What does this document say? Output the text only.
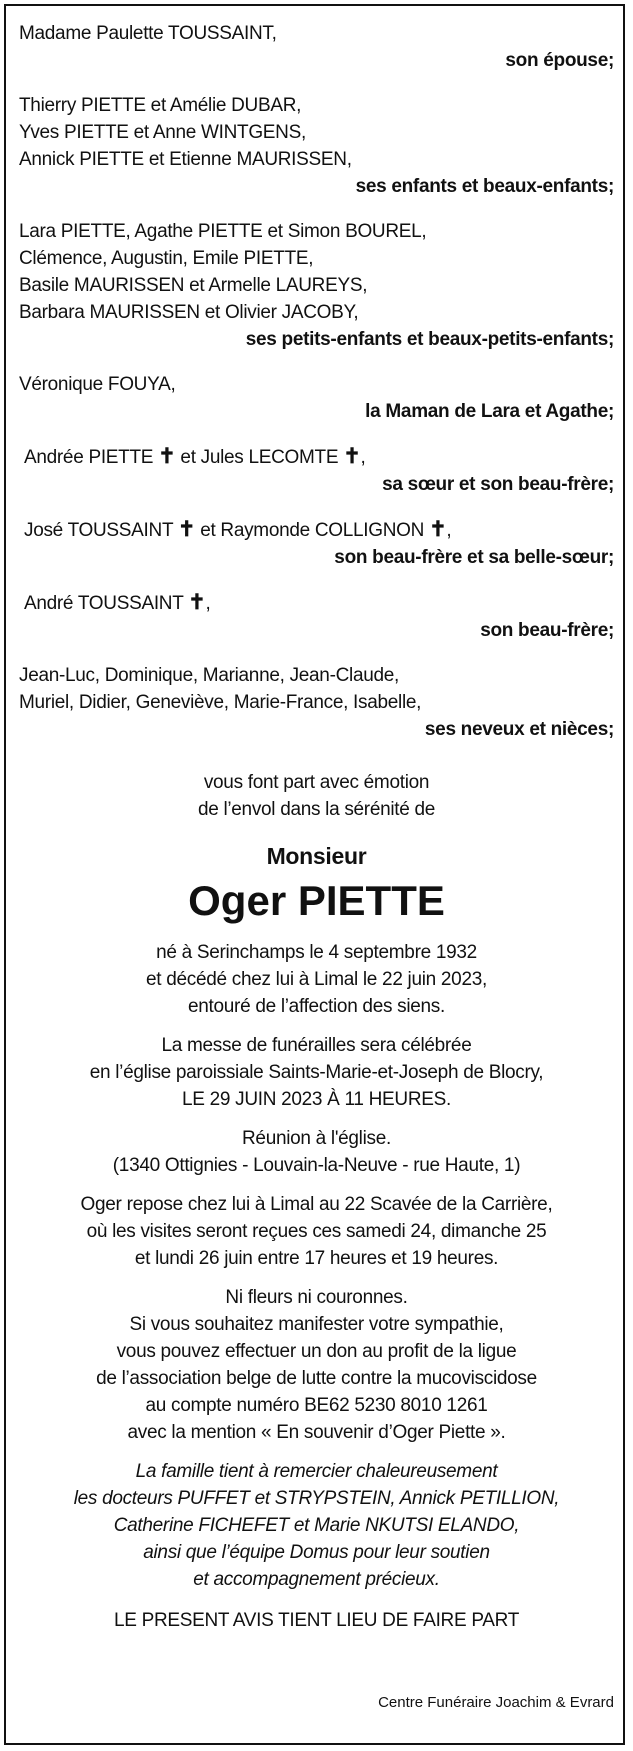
Madame Paulette TOUSSAINT,
son épouse;
Thierry PIETTE et Amélie DUBAR,
Yves PIETTE et Anne WINTGENS,
Annick PIETTE et Etienne MAURISSEN,
ses enfants et beaux-enfants;
Lara PIETTE, Agathe PIETTE et Simon BOUREL,
Clémence, Augustin, Emile PIETTE,
Basile MAURISSEN et Armelle LAUREYS,
Barbara MAURISSEN et Olivier JACOBY,
ses petits-enfants et beaux-petits-enfants;
Véronique FOUYA,
la Maman de Lara et Agathe;
Andrée PIETTE ✝ et Jules LECOMTE ✝,
sa sœur et son beau-frère;
José TOUSSAINT ✝ et Raymonde COLLIGNON ✝,
son beau-frère et sa belle-sœur;
André TOUSSAINT ✝,
son beau-frère;
Jean-Luc, Dominique, Marianne, Jean-Claude,
Muriel, Didier, Geneviève, Marie-France, Isabelle,
ses neveux et nièces;
vous font part avec émotion
de l’envol dans la sérénité de
Monsieur
Oger PIETTE
né à Serinchamps le 4 septembre 1932
et décédé chez lui à Limal le 22 juin 2023,
entouré de l’affection des siens.
La messe de funérailles sera célébrée
en l’église paroissiale Saints-Marie-et-Joseph de Blocry,
LE 29 JUIN 2023 À 11 HEURES.
Réunion à l'église.
(1340 Ottignies - Louvain-la-Neuve - rue Haute, 1)
Oger repose chez lui à Limal au 22 Scavée de la Carrière,
où les visites seront reçues ces samedi 24, dimanche 25
et lundi 26 juin entre 17 heures et 19 heures.
Ni fleurs ni couronnes.
Si vous souhaitez manifester votre sympathie,
vous pouvez effectuer un don au profit de la ligue
de l’association belge de lutte contre la mucoviscidose
au compte numéro BE62 5230 8010 1261
avec la mention « En souvenir d’Oger Piette ».
La famille tient à remercier chaleureusement
les docteurs PUFFET et STRYPSTEIN, Annick PETILLION,
Catherine FICHEFET et Marie NKUTSI ELANDO,
ainsi que l’équipe Domus pour leur soutien
et accompagnement précieux.
LE PRESENT AVIS TIENT LIEU DE FAIRE PART
Centre Funéraire Joachim & Evrard
